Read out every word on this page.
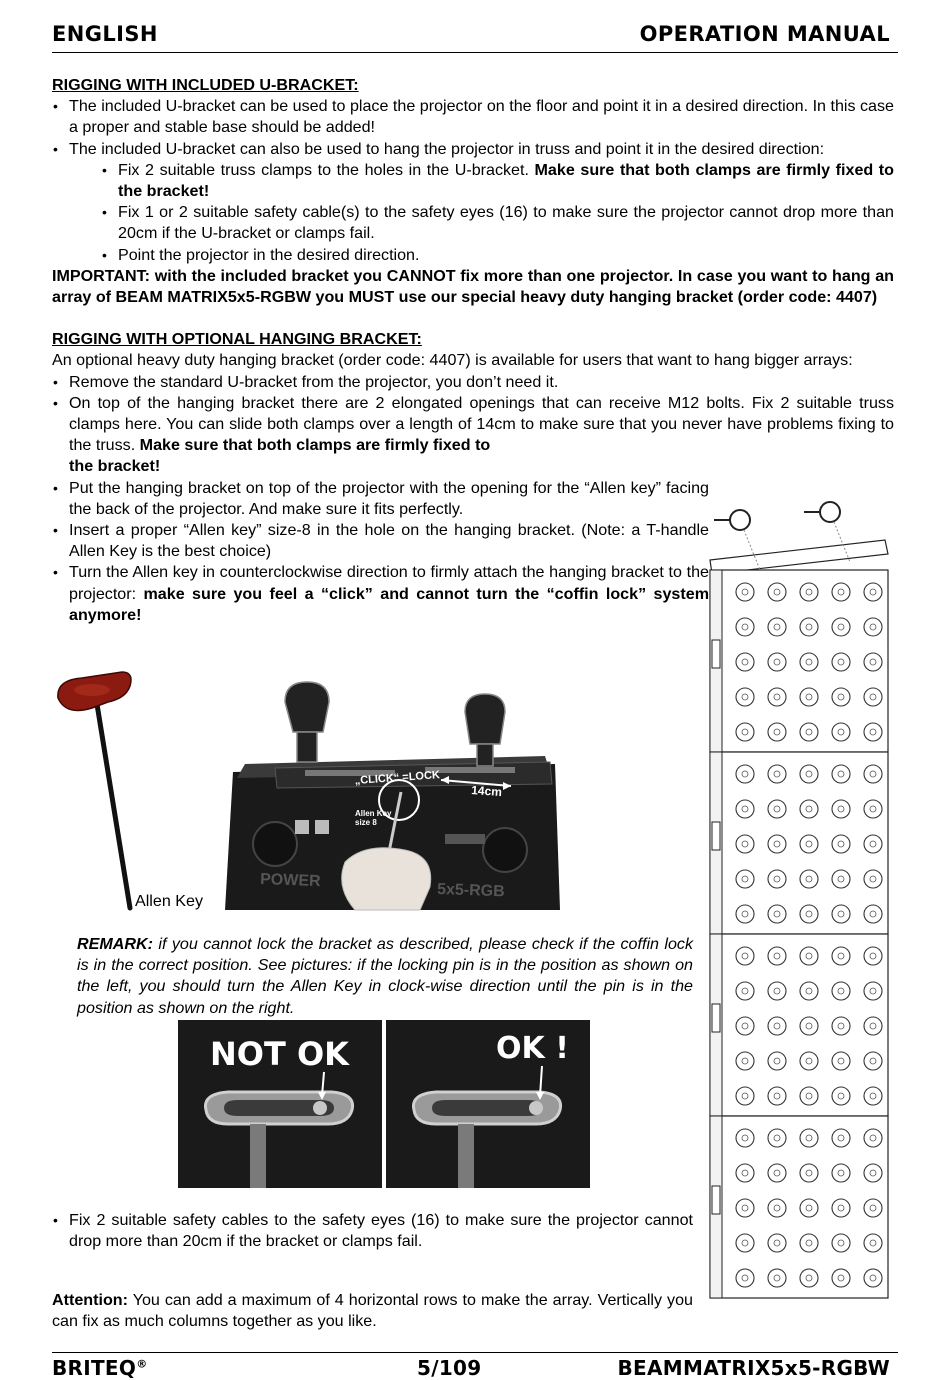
ENGLISH	OPERATION MANUAL

RIGGING WITH INCLUDED U-BRACKET:

• The included U-bracket can be used to place the projector on the floor and point it in a desired direction. In this case a proper and stable base should be added!
• The included U-bracket can also be used to hang the projector in truss and point it in the desired direction:
• Fix 2 suitable truss clamps to the holes in the U-bracket. Make sure that both clamps are firmly fixed to the bracket!
• Fix 1 or 2 suitable safety cable(s) to the safety eyes (16) to make sure the projector cannot drop more than 20cm if the U-bracket or clamps fail.
• Point the projector in the desired direction.

IMPORTANT: with the included bracket you CANNOT fix more than one projector. In case you want to hang an array of BEAM MATRIX5x5-RGBW you MUST use our special heavy duty hanging bracket (order code: 4407)

RIGGING WITH OPTIONAL HANGING BRACKET:

An optional heavy duty hanging bracket (order code: 4407) is available for users that want to hang bigger arrays:

• Remove the standard U-bracket from the projector, you don’t need it.
• On top of the hanging bracket there are 2 elongated openings that can receive M12 bolts. Fix 2 suitable truss clamps here. You can slide both clamps over a length of 14cm to make sure that you never have problems fixing to the truss. Make sure that both clamps are firmly fixed to
the bracket!
• Put the hanging bracket on top of the projector with the opening for the “Allen key” facing the back of the projector. And make sure it fits perfectly.
• Insert a proper “Allen key” size-8 in the hole on the hanging bracket. (Note: a T-handle Allen Key is the best choice)
• Turn the Allen key in counterclockwise direction to firmly attach the hanging bracket to the projector: make sure you feel a “click” and cannot turn the “coffin lock” system anymore!
Allen Key
„CLICK“ =LOCK
14cm
Allen Key
size 8
POWER
5x5-RGB
REMARK: if you cannot lock the bracket as described, please check if the coffin lock is in the correct position. See pictures: if the locking pin is in the position as shown on the left, you should turn the Allen Key in clock-wise direction until the pin is in the position as shown on the right.
NOT OK	OK !
• Fix 2 suitable safety cables to the safety eyes (16) to make sure the projector cannot drop more than 20cm if the bracket or clamps fail.

Attention: You can add a maximum of 4 horizontal rows to make the array. Vertically you can fix as much columns together as you like.

BRITEQ®	5/109	BEAMMATRIX5x5-RGBW
